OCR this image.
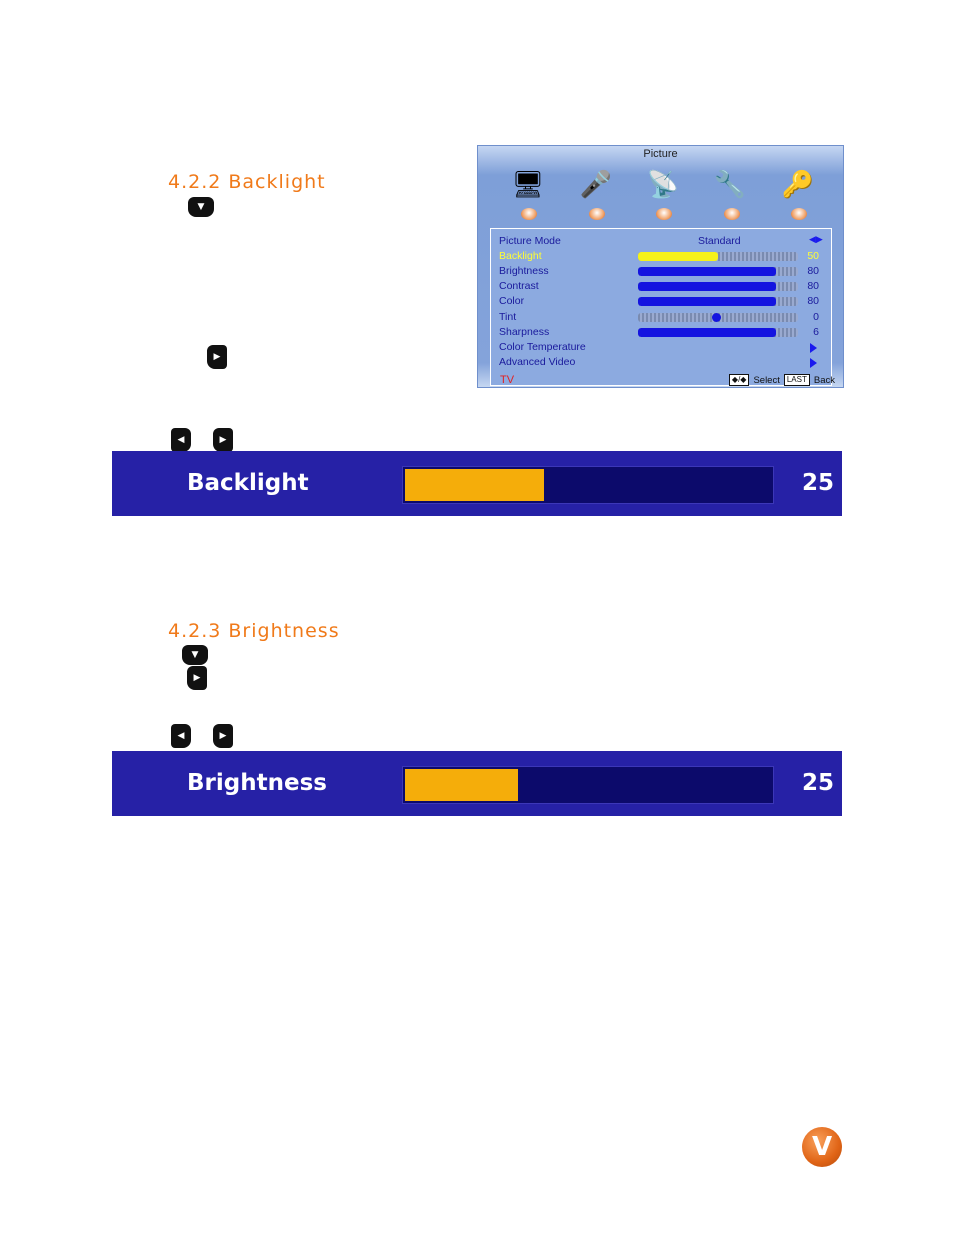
4.2.2 Backlight
▼
▶
◀	▶
Picture
🖥 🎤 📡 🔧 🔑
Picture Mode	Standard	◀▶
Backlight	50
Brightness	80
Contrast	80
Color	80
Tint	0
Sharpness	6
Color Temperature
Advanced Video
TV	◆/◆ Select LAST Back
Backlight	25
4.2.3 Brightness
▼
▶
◀	▶
Brightness	25
V
